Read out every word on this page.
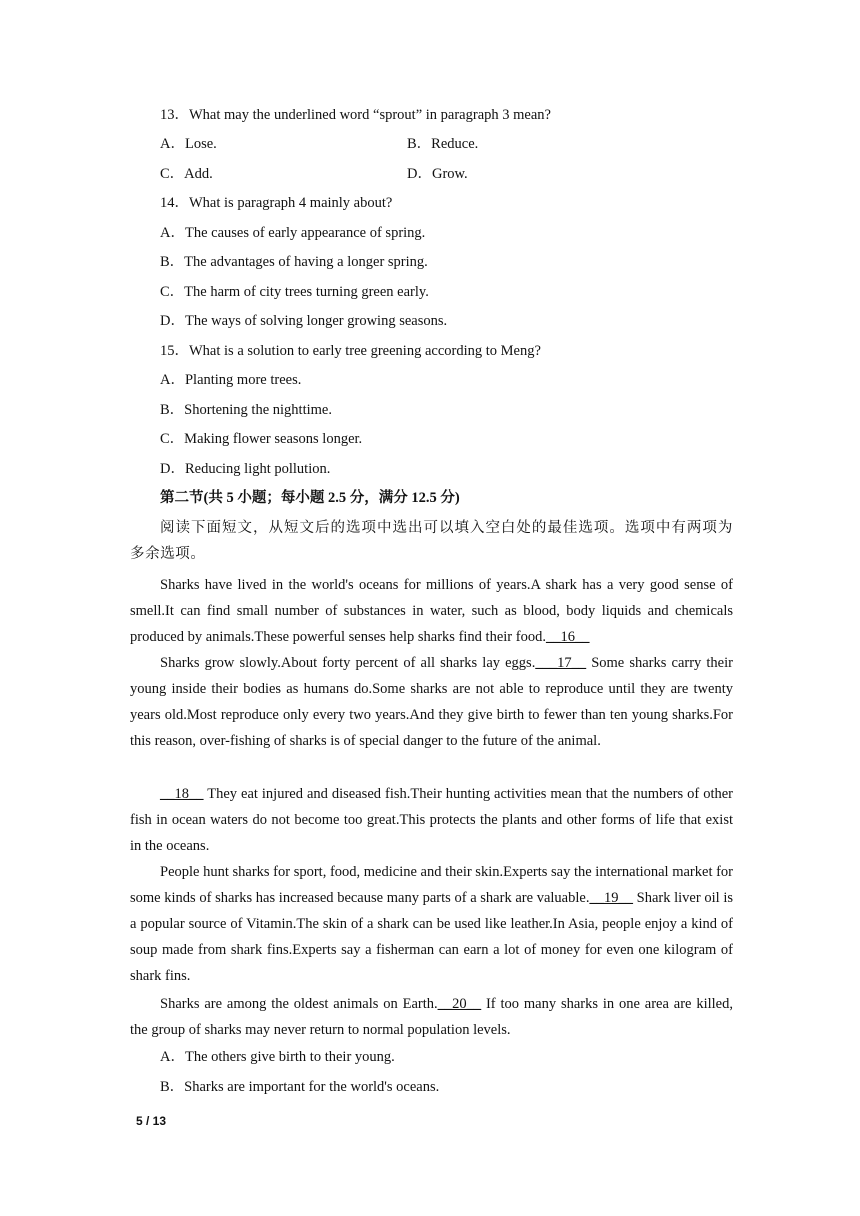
13．What may the underlined word “sprout” in paragraph 3 mean?
A．Lose.	B．Reduce.
C．Add.	D．Grow.
14．What is paragraph 4 mainly about?
A．The causes of early appearance of spring.
B．The advantages of having a longer spring.
C．The harm of city trees turning green early.
D．The ways of solving longer growing seasons.
15．What is a solution to early tree greening according to Meng?
A．Planting more trees.
B．Shortening the nighttime.
C．Making flower seasons longer.
D．Reducing light pollution.
第二节(共 5 小题；每小题 2.5 分，满分 12.5 分)

阅读下面短文，从短文后的选项中选出可以填入空白处的最佳选项。选项中有两项为多余选项。

Sharks have lived in the world's oceans for millions of years.A shark has a very good sense of smell.It can find small number of substances in water, such as blood, body liquids and chemicals produced by animals.These powerful senses help sharks find their food.__16__

Sharks grow slowly.About forty percent of all sharks lay eggs.___17__ Some sharks carry their young inside their bodies as humans do.Some sharks are not able to reproduce until they are twenty years old.Most reproduce only every two years.And they give birth to fewer than ten young sharks.For this reason, over-fishing of sharks is of special danger to the future of the animal.

__18__ They eat injured and diseased fish.Their hunting activities mean that the numbers of other fish in ocean waters do not become too great.This protects the plants and other forms of life that exist in the oceans.

People hunt sharks for sport, food, medicine and their skin.Experts say the international market for some kinds of sharks has increased because many parts of a shark are valuable.__19__ Shark liver oil is a popular source of Vitamin.The skin of a shark can be used like leather.In Asia, people enjoy a kind of soup made from shark fins.Experts say a fisherman can earn a lot of money for even one kilogram of shark fins.

Sharks are among the oldest animals on Earth.__20__ If too many sharks in one area are killed, the group of sharks may never return to normal population levels.

A．The others give birth to their young.
B．Sharks are important for the world's oceans.
5 / 13
